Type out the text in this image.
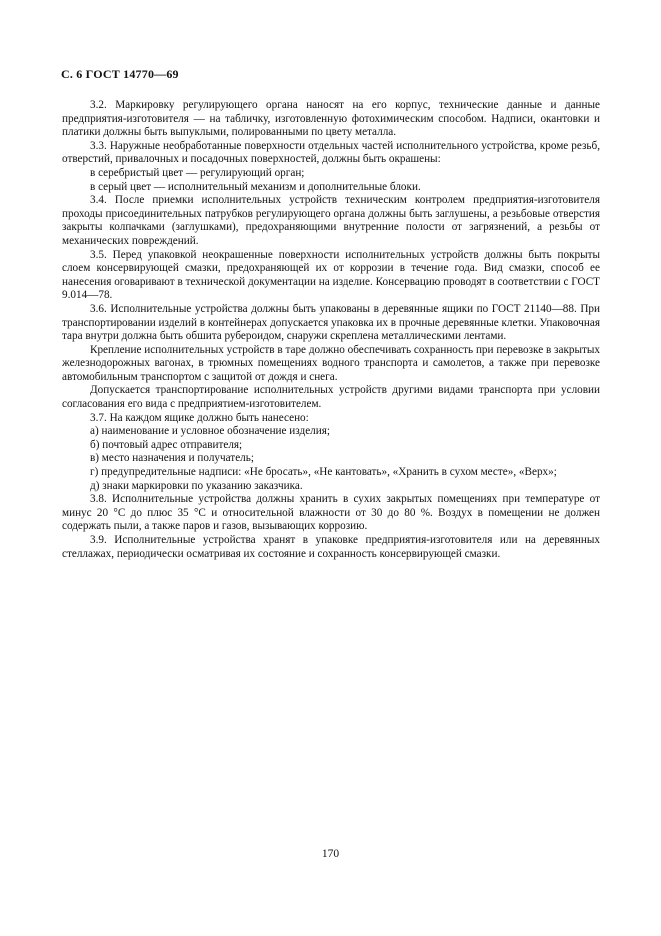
С. 6 ГОСТ 14770—69

3.2. Маркировку регулирующего органа наносят на его корпус, технические данные и данные предприятия-изготовителя — на табличку, изготовленную фотохимическим способом. Надписи, окантовки и платики должны быть выпуклыми, полированными по цвету металла.

3.3. Наружные необработанные поверхности отдельных частей исполнительного устройства, кроме резьб, отверстий, привалочных и посадочных поверхностей, должны быть окрашены:

в серебристый цвет — регулирующий орган;

в серый цвет — исполнительный механизм и дополнительные блоки.

3.4. После приемки исполнительных устройств техническим контролем предприятия-изготовителя проходы присоединительных патрубков регулирующего органа должны быть заглушены, а резьбовые отверстия закрыты колпачками (заглушками), предохраняющими внутренние полости от загрязнений, а резьбы от механических повреждений.

3.5. Перед упаковкой неокрашенные поверхности исполнительных устройств должны быть покрыты слоем консервирующей смазки, предохраняющей их от коррозии в течение года. Вид смазки, способ ее нанесения оговаривают в технической документации на изделие. Консервацию проводят в соответствии с ГОСТ 9.014—78.

3.6. Исполнительные устройства должны быть упакованы в деревянные ящики по ГОСТ 21140—88. При транспортировании изделий в контейнерах допускается упаковка их в прочные деревянные клетки. Упаковочная тара внутри должна быть обшита рубероидом, снаружи скреплена металлическими лентами.

Крепление исполнительных устройств в таре должно обеспечивать сохранность при перевозке в закрытых железнодорожных вагонах, в трюмных помещениях водного транспорта и самолетов, а также при перевозке автомобильным транспортом с защитой от дождя и снега.

Допускается транспортирование исполнительных устройств другими видами транспорта при условии согласования его вида с предприятием-изготовителем.

3.7. На каждом ящике должно быть нанесено:

а) наименование и условное обозначение изделия;

б) почтовый адрес отправителя;

в) место назначения и получатель;

г) предупредительные надписи: «Не бросать», «Не кантовать», «Хранить в сухом месте», «Верх»;

д) знаки маркировки по указанию заказчика.

3.8. Исполнительные устройства должны хранить в сухих закрытых помещениях при температуре от минус 20 °С до плюс 35 °С и относительной влажности от 30 до 80 %. Воздух в помещении не должен содержать пыли, а также паров и газов, вызывающих коррозию.

3.9. Исполнительные устройства хранят в упаковке предприятия-изготовителя или на деревянных стеллажах, периодически осматривая их состояние и сохранность консервирующей смазки.

170
